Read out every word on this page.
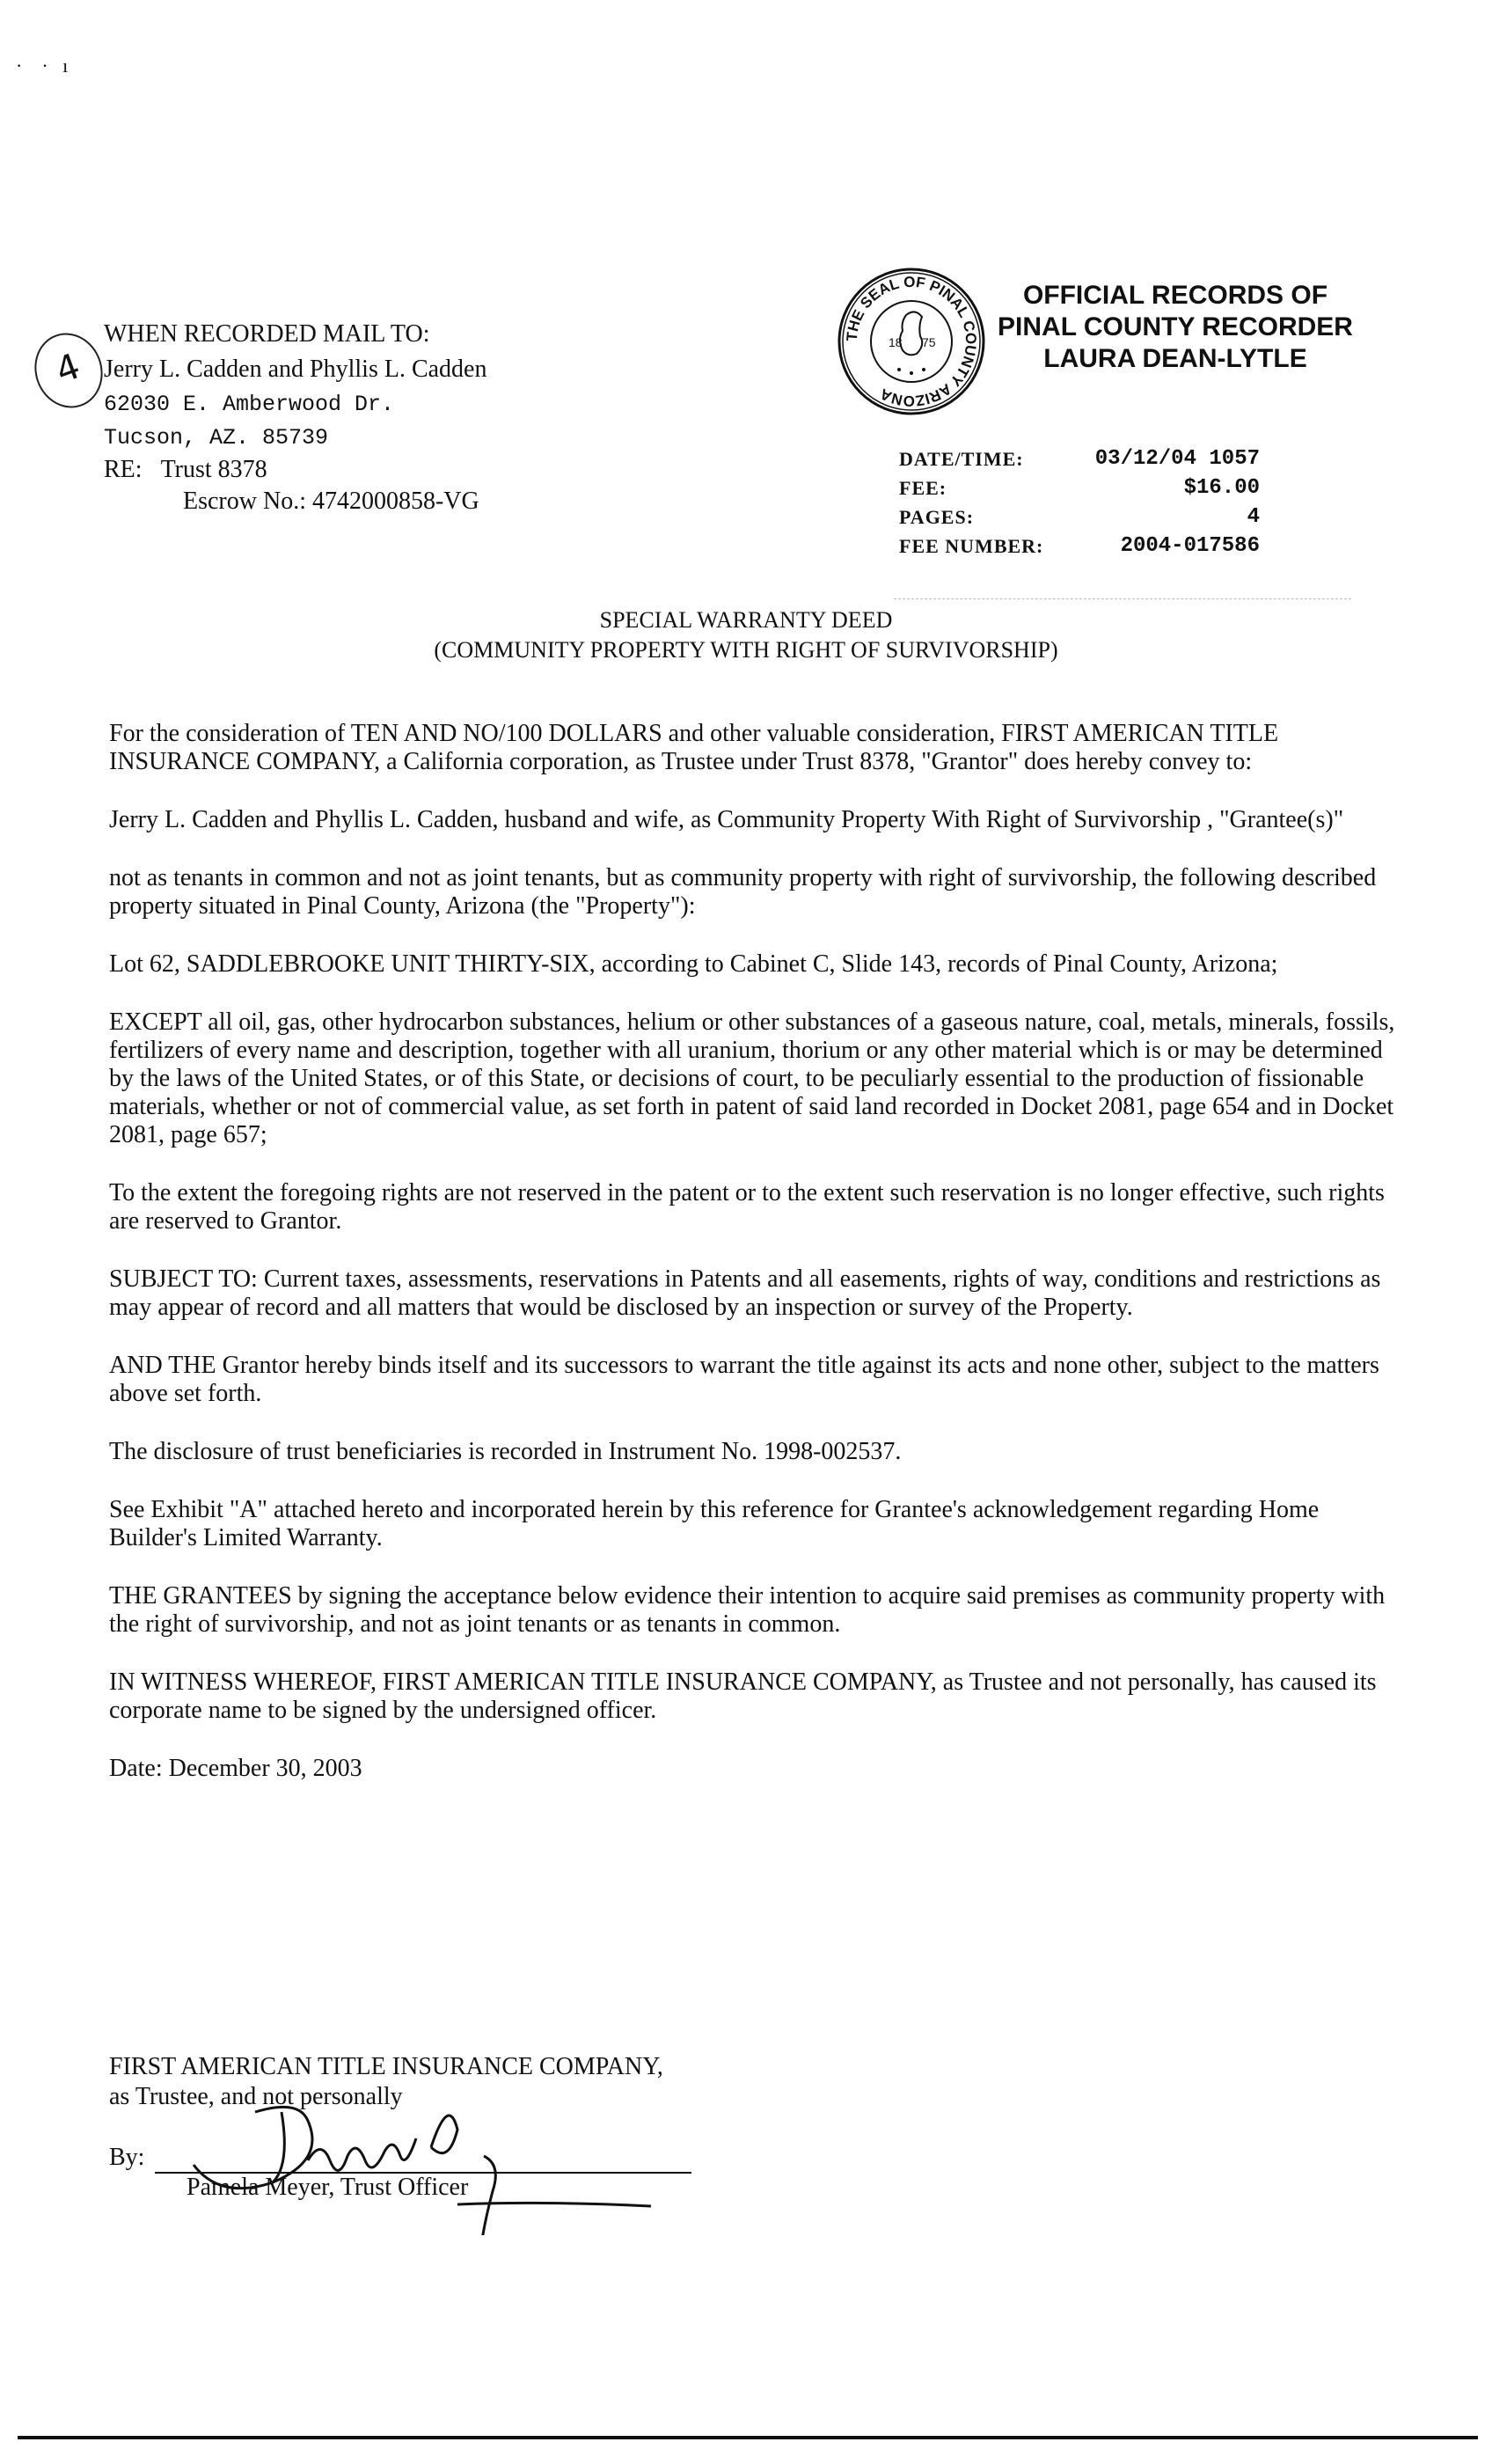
·    ·   ı
4
WHEN RECORDED MAIL TO:
Jerry L. Cadden and Phyllis L. Cadden
62030 E. Amberwood Dr.
Tucson, AZ. 85739
RE: Trust 8378
Escrow No.: 4742000858-VG
THE SEAL OF PINAL COUNTY ARIZONA
18 75
OFFICIAL RECORDS OF
PINAL COUNTY RECORDER
LAURA DEAN-LYTLE
DATE/TIME:	03/12/04 1057
FEE:	$16.00
PAGES:	4
FEE NUMBER:	2004-017586
SPECIAL WARRANTY DEED
(COMMUNITY PROPERTY WITH RIGHT OF SURVIVORSHIP)

For the consideration of TEN AND NO/100 DOLLARS and other valuable consideration, FIRST AMERICAN TITLE INSURANCE COMPANY, a California corporation, as Trustee under Trust 8378, "Grantor" does hereby convey to:

Jerry L. Cadden and Phyllis L. Cadden, husband and wife, as Community Property With Right of Survivorship , "Grantee(s)"

not as tenants in common and not as joint tenants, but as community property with right of survivorship, the following described property situated in Pinal County, Arizona (the "Property"):

Lot 62, SADDLEBROOKE UNIT THIRTY-SIX, according to Cabinet C, Slide 143, records of Pinal County, Arizona;

EXCEPT all oil, gas, other hydrocarbon substances, helium or other substances of a gaseous nature, coal, metals, minerals, fossils, fertilizers of every name and description, together with all uranium, thorium or any other material which is or may be determined by the laws of the United States, or of this State, or decisions of court, to be peculiarly essential to the production of fissionable materials, whether or not of commercial value, as set forth in patent of said land recorded in Docket 2081, page 654 and in Docket 2081, page 657;

To the extent the foregoing rights are not reserved in the patent or to the extent such reservation is no longer effective, such rights are reserved to Grantor.

SUBJECT TO: Current taxes, assessments, reservations in Patents and all easements, rights of way, conditions and restrictions as may appear of record and all matters that would be disclosed by an inspection or survey of the Property.

AND THE Grantor hereby binds itself and its successors to warrant the title against its acts and none other, subject to the matters above set forth.

The disclosure of trust beneficiaries is recorded in Instrument No. 1998-002537.

See Exhibit "A" attached hereto and incorporated herein by this reference for Grantee's acknowledgement regarding Home Builder's Limited Warranty.

THE GRANTEES by signing the acceptance below evidence their intention to acquire said premises as community property with the right of survivorship, and not as joint tenants or as tenants in common.

IN WITNESS WHEREOF, FIRST AMERICAN TITLE INSURANCE COMPANY, as Trustee and not personally, has caused its corporate name to be signed by the undersigned officer.

Date: December 30, 2003

FIRST AMERICAN TITLE INSURANCE COMPANY,
as Trustee, and not personally
By:
Pamela Meyer, Trust Officer
